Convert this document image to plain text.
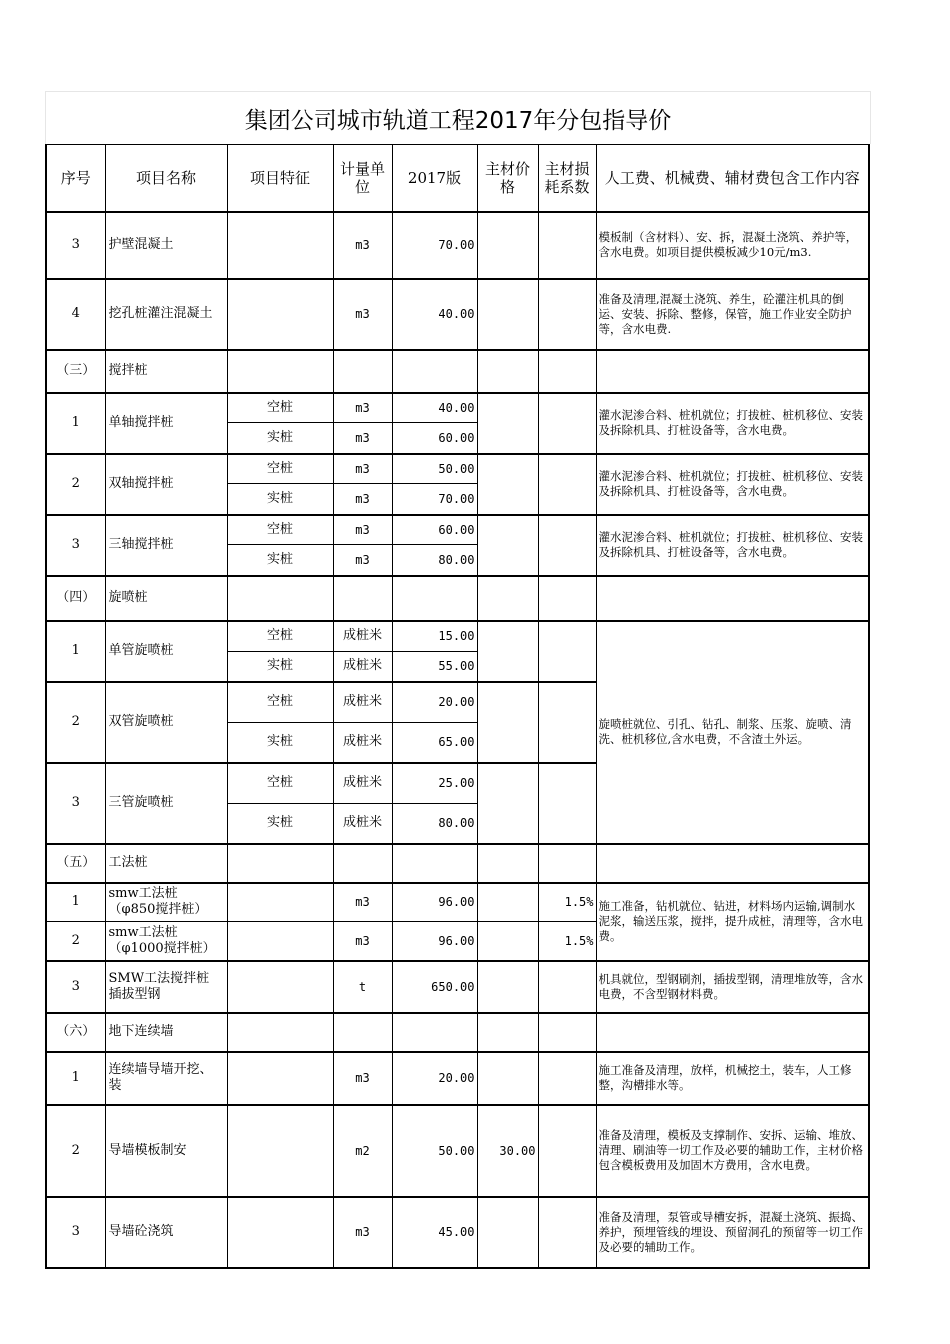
集团公司城市轨道工程2017年分包指导价
序号	项目名称	项目特征	计量单位	2017版	主材价格	主材损耗系数	人工费、机械费、辅材费包含工作内容
3	护壁混凝土		m3	70.00			模板制（含材料）、安、拆，混凝土浇筑、养护等，含水电费。如项目提供模板减少10元/m3.
4	挖孔桩灌注混凝土		m3	40.00			准备及清理,混凝土浇筑、养生，砼灌注机具的倒运、安装、拆除、整修，保管，施工作业安全防护等，含水电费.
（三）	搅拌桩						
1	单轴搅拌桩	空桩	m3	40.00			灌水泥渗合料、桩机就位；打拔桩、桩机移位、安装及拆除机具、打桩设备等，含水电费。
		实桩	m3	60.00			
2	双轴搅拌桩	空桩	m3	50.00			灌水泥渗合料、桩机就位；打拔桩、桩机移位、安装及拆除机具、打桩设备等，含水电费。
		实桩	m3	70.00			
3	三轴搅拌桩	空桩	m3	60.00			灌水泥渗合料、桩机就位；打拔桩、桩机移位、安装及拆除机具、打桩设备等，含水电费。
		实桩	m3	80.00			
（四）	旋喷桩						
1	单管旋喷桩	空桩	成桩米	15.00			旋喷桩就位、引孔、钻孔、制浆、压浆、旋喷、清洗、桩机移位,含水电费，不含渣土外运。
		实桩	成桩米	55.00			
2	双管旋喷桩	空桩	成桩米	20.00			
		实桩	成桩米	65.00			
3	三管旋喷桩	空桩	成桩米	25.00			
		实桩	成桩米	80.00			
（五）	工法桩						
1	smw工法桩（φ850搅拌桩）		m3	96.00		1.5%	施工准备，钻机就位、钻进，材料场内运输,调制水泥浆，输送压浆，搅拌，提升成桩，清理等，含水电费。
2	smw工法桩（φ1000搅拌桩）		m3	96.00		1.5%	
3	SMW工法搅拌桩 插拔型钢		t	650.00			机具就位，型钢刷剂，插拔型钢，清理堆放等，含水电费，不含型钢材料费。
（六）	地下连续墙						
1	连续墙导墙开挖、装		m3	20.00			施工准备及清理，放样，机械挖土，装车，人工修整，沟槽排水等。
2	导墙模板制安		m2	50.00	30.00		准备及清理，模板及支撑制作、安拆、运输、堆放、清理、刷油等一切工作及必要的辅助工作，主材价格包含模板费用及加固木方费用，含水电费。
3	导墙砼浇筑		m3	45.00			准备及清理，泵管或导槽安拆，混凝土浇筑、振捣、养护，预埋管线的埋设、预留洞孔的预留等一切工作及必要的辅助工作。
